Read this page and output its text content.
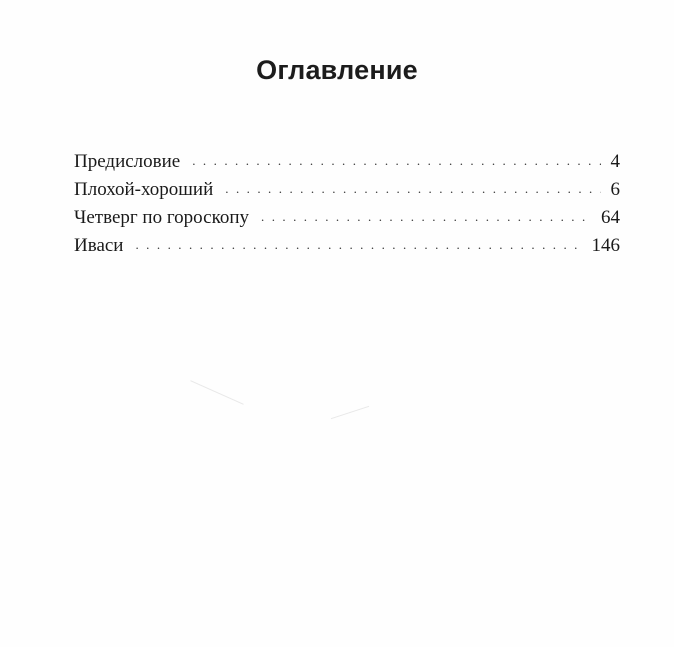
Оглавление
Предисловие . . .	4
Плохой-хороший . . .	6
Четверг по гороскопу . . .	64
Иваси . . .	146
